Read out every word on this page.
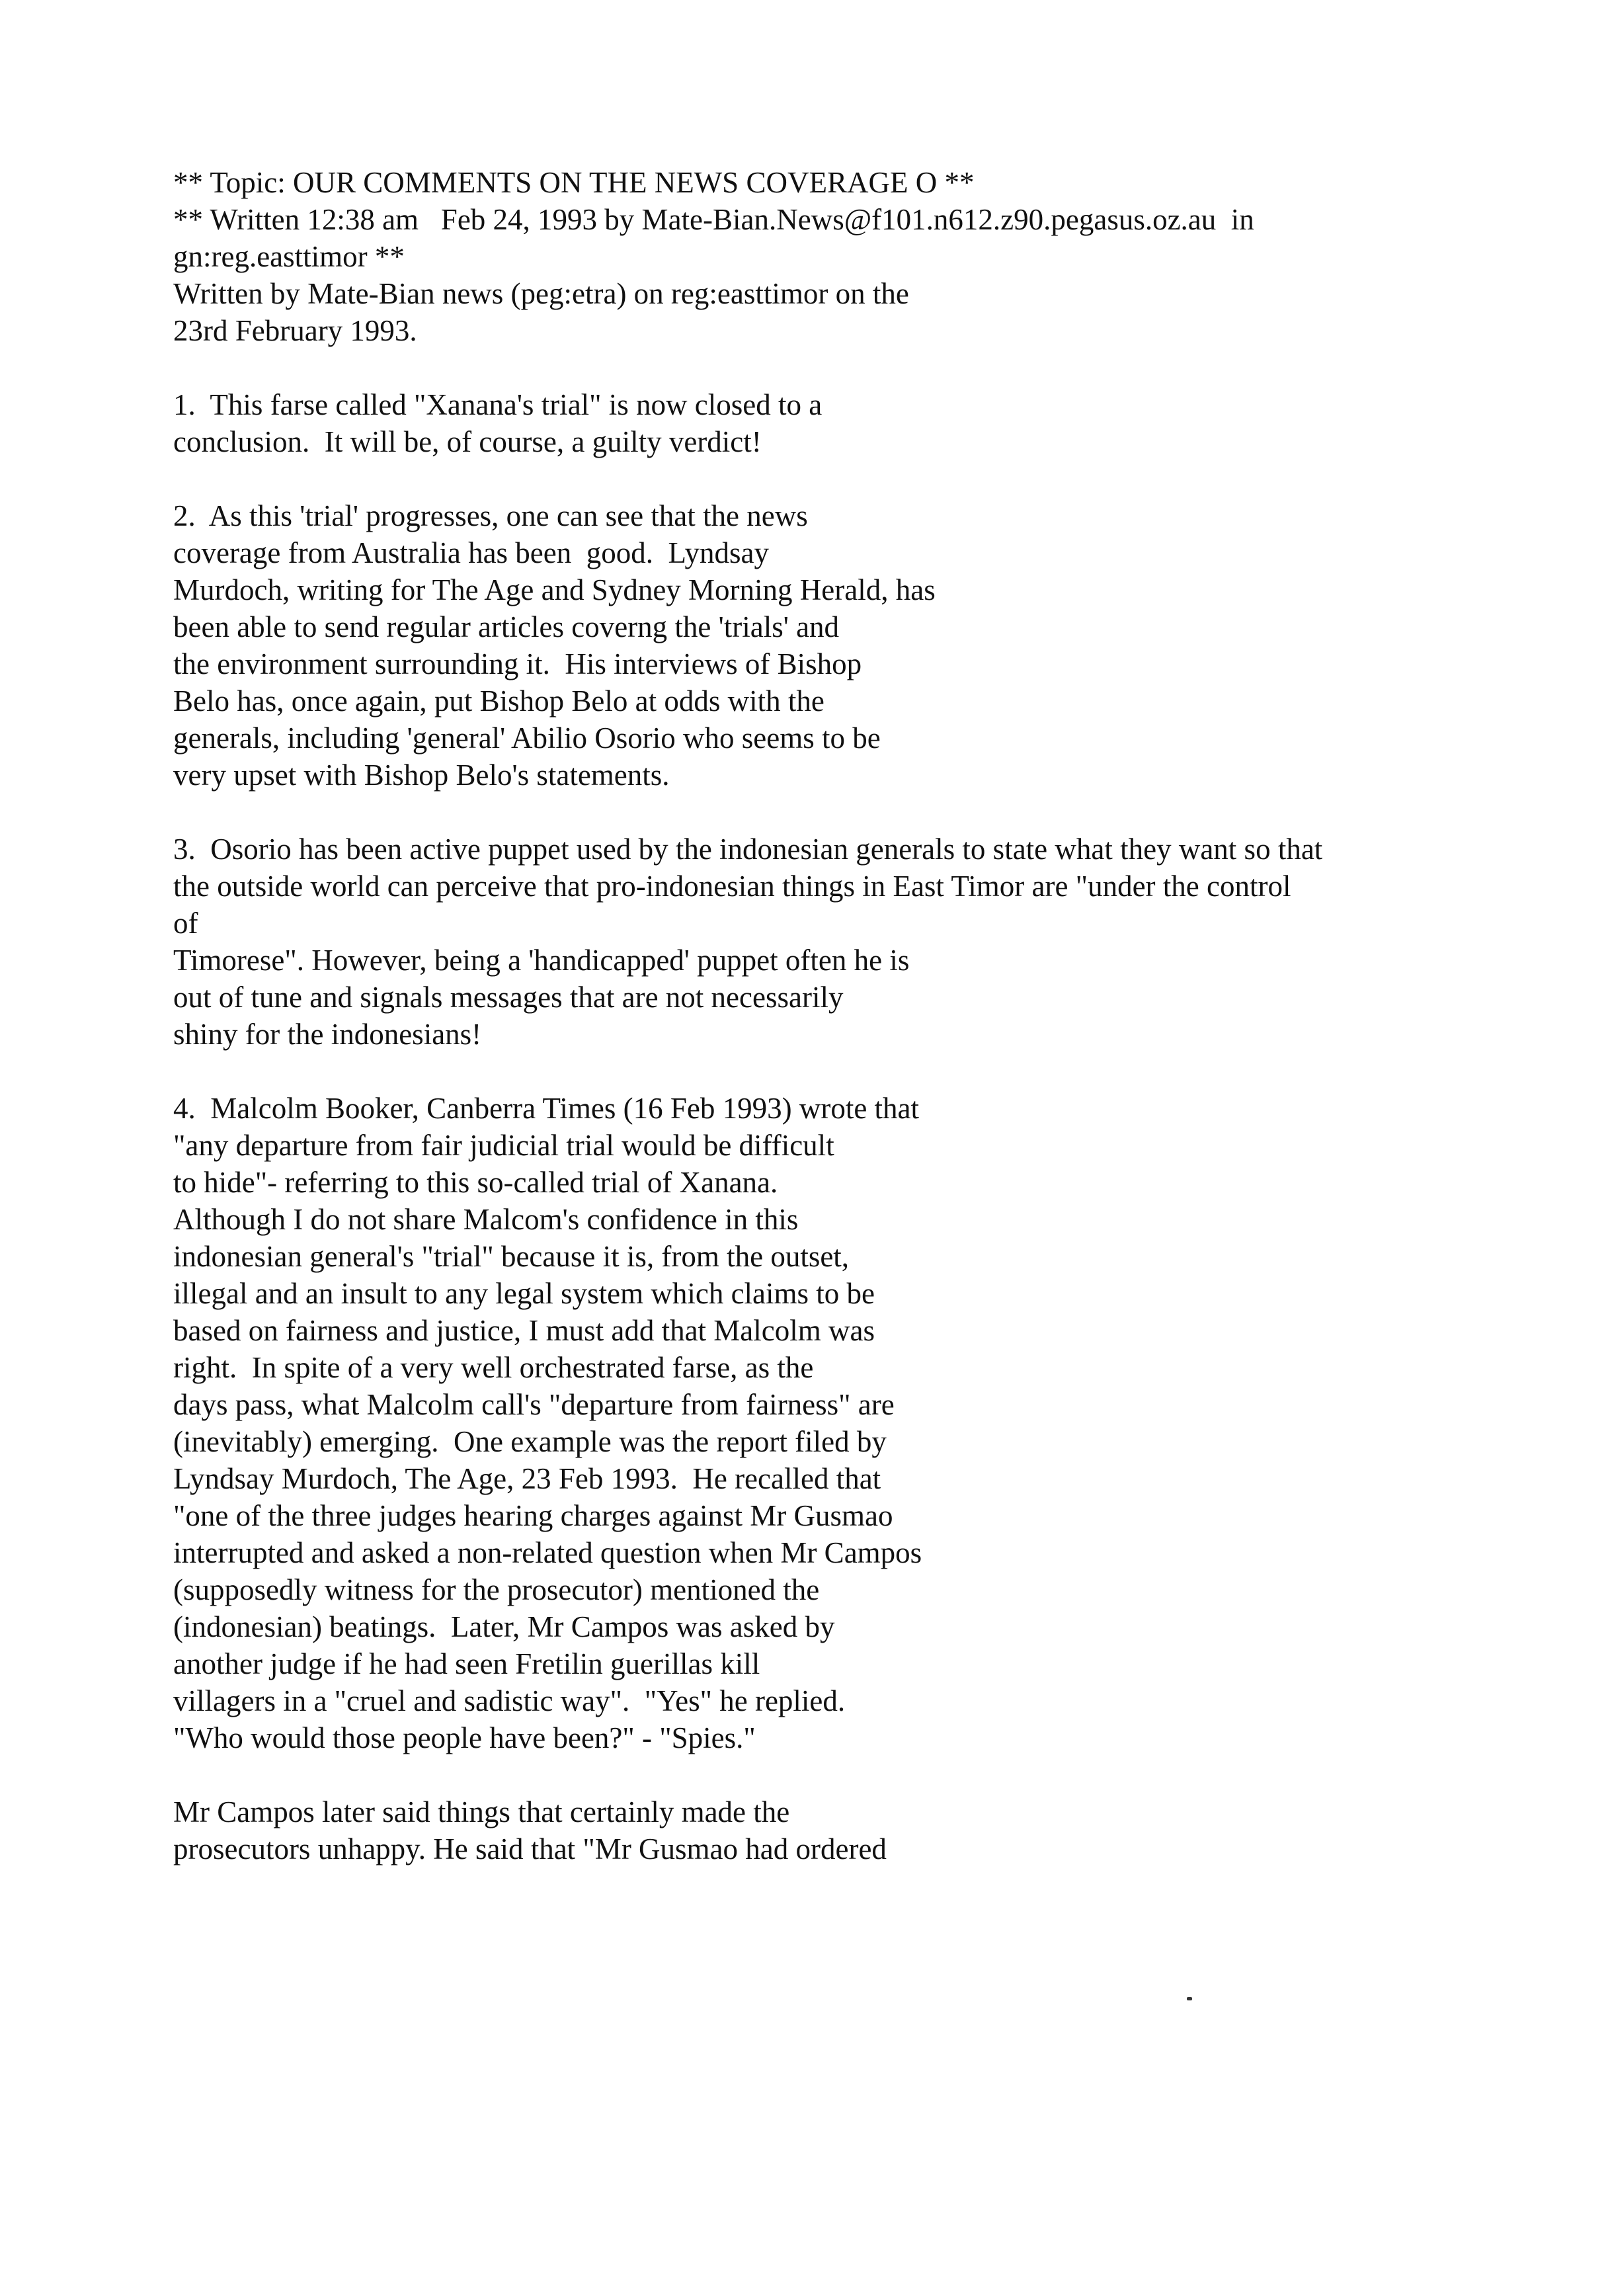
** Topic: OUR COMMENTS ON THE NEWS COVERAGE O **
** Written 12:38 am   Feb 24, 1993 by Mate-Bian.News@f101.n612.z90.pegasus.oz.au  in
gn:reg.easttimor **
Written by Mate-Bian news (peg:etra) on reg:easttimor on the
23rd February 1993.
1.  This farse called "Xanana's trial" is now closed to a
conclusion.  It will be, of course, a guilty verdict!
2.  As this 'trial' progresses, one can see that the news
coverage from Australia has been  good.  Lyndsay
Murdoch, writing for The Age and Sydney Morning Herald, has
been able to send regular articles coverng the 'trials' and
the environment surrounding it.  His interviews of Bishop
Belo has, once again, put Bishop Belo at odds with the
generals, including 'general' Abilio Osorio who seems to be
very upset with Bishop Belo's statements.
3.  Osorio has been active puppet used by the indonesian generals to state what they want so that
the outside world can perceive that pro-indonesian things in East Timor are "under the control
of
Timorese". However, being a 'handicapped' puppet often he is
out of tune and signals messages that are not necessarily
shiny for the indonesians!
4.  Malcolm Booker, Canberra Times (16 Feb 1993) wrote that
"any departure from fair judicial trial would be difficult
to hide"- referring to this so-called trial of Xanana.
Although I do not share Malcom's confidence in this
indonesian general's "trial" because it is, from the outset,
illegal and an insult to any legal system which claims to be
based on fairness and justice, I must add that Malcolm was
right.  In spite of a very well orchestrated farse, as the
days pass, what Malcolm call's "departure from fairness" are
(inevitably) emerging.  One example was the report filed by
Lyndsay Murdoch, The Age, 23 Feb 1993.  He recalled that
"one of the three judges hearing charges against Mr Gusmao
interrupted and asked a non-related question when Mr Campos
(supposedly witness for the prosecutor) mentioned the
(indonesian) beatings.  Later, Mr Campos was asked by
another judge if he had seen Fretilin guerillas kill
villagers in a "cruel and sadistic way".  "Yes" he replied.
"Who would those people have been?" - "Spies."
Mr Campos later said things that certainly made the
prosecutors unhappy. He said that "Mr Gusmao had ordered
